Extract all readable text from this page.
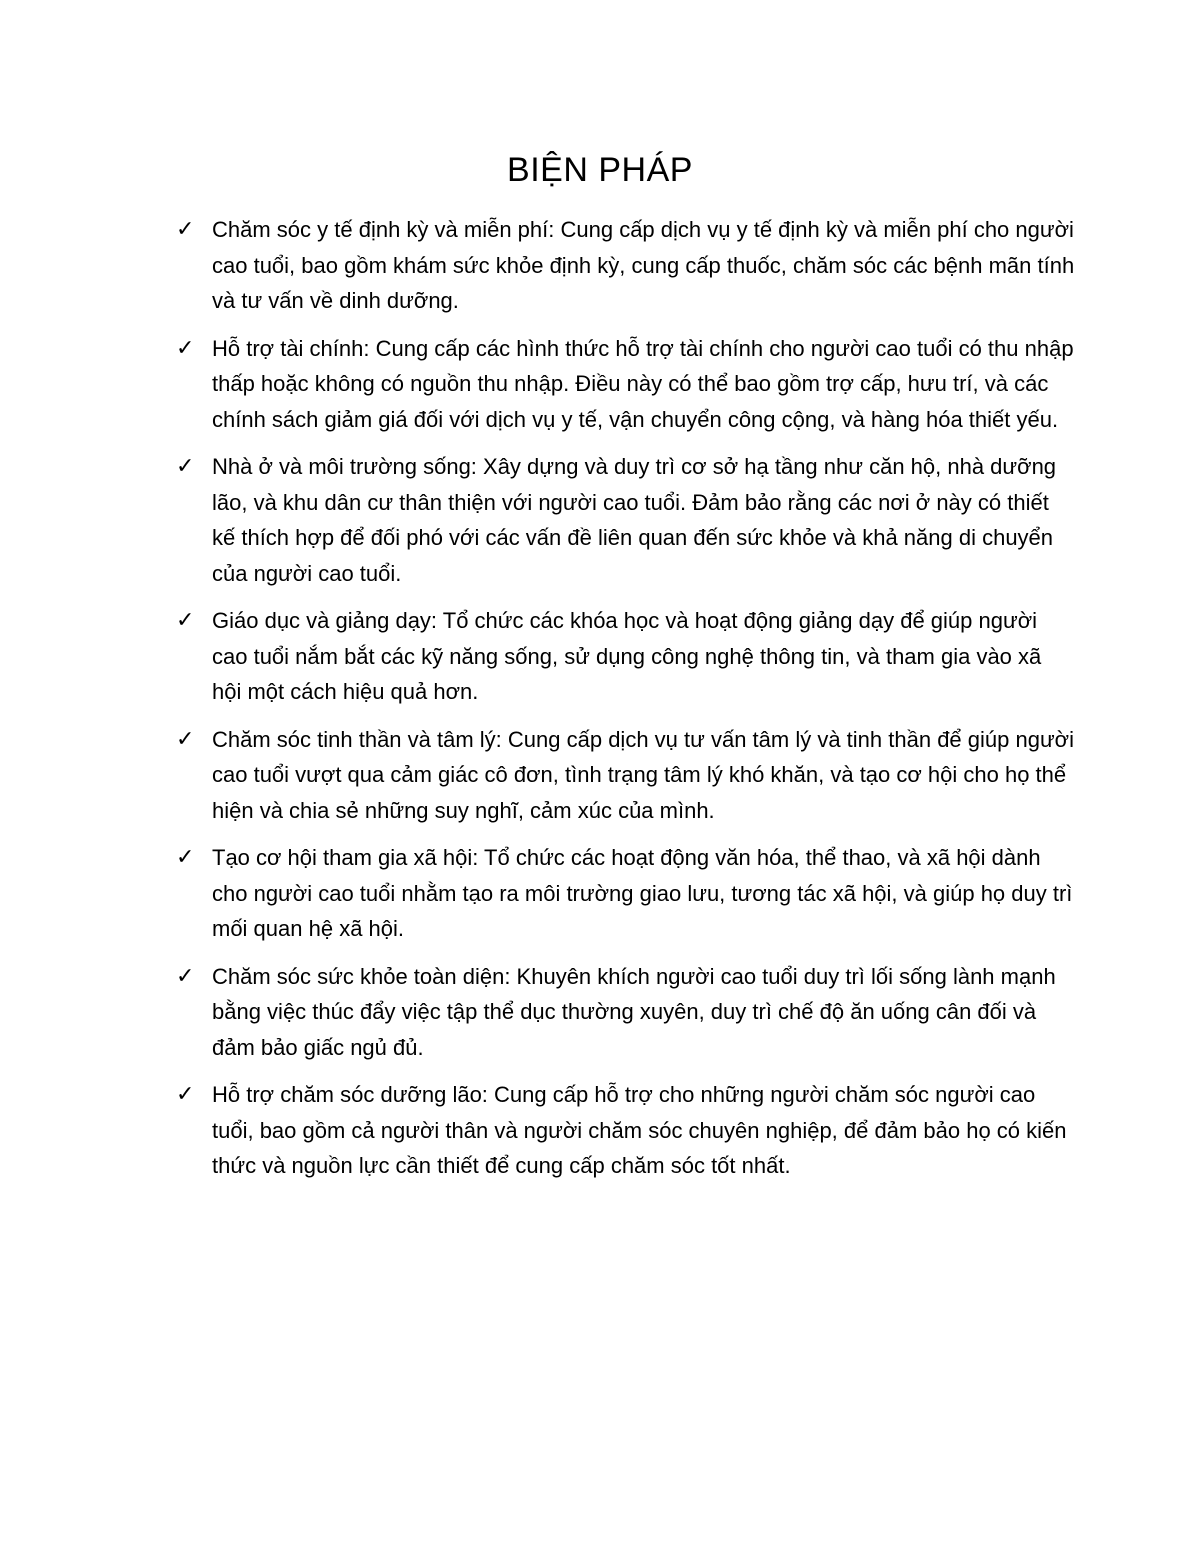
BIỆN PHÁP
✓ Chăm sóc y tế định kỳ và miễn phí: Cung cấp dịch vụ y tế định kỳ và miễn phí cho người cao tuổi, bao gồm khám sức khỏe định kỳ, cung cấp thuốc, chăm sóc các bệnh mãn tính và tư vấn về dinh dưỡng.
✓ Hỗ trợ tài chính: Cung cấp các hình thức hỗ trợ tài chính cho người cao tuổi có thu nhập thấp hoặc không có nguồn thu nhập. Điều này có thể bao gồm trợ cấp, hưu trí, và các chính sách giảm giá đối với dịch vụ y tế, vận chuyển công cộng, và hàng hóa thiết yếu.
✓ Nhà ở và môi trường sống: Xây dựng và duy trì cơ sở hạ tầng như căn hộ, nhà dưỡng lão, và khu dân cư thân thiện với người cao tuổi. Đảm bảo rằng các nơi ở này có thiết kế thích hợp để đối phó với các vấn đề liên quan đến sức khỏe và khả năng di chuyển của người cao tuổi.
✓ Giáo dục và giảng dạy: Tổ chức các khóa học và hoạt động giảng dạy để giúp người cao tuổi nắm bắt các kỹ năng sống, sử dụng công nghệ thông tin, và tham gia vào xã hội một cách hiệu quả hơn.
✓ Chăm sóc tinh thần và tâm lý: Cung cấp dịch vụ tư vấn tâm lý và tinh thần để giúp người cao tuổi vượt qua cảm giác cô đơn, tình trạng tâm lý khó khăn, và tạo cơ hội cho họ thể hiện và chia sẻ những suy nghĩ, cảm xúc của mình.
✓ Tạo cơ hội tham gia xã hội: Tổ chức các hoạt động văn hóa, thể thao, và xã hội dành cho người cao tuổi nhằm tạo ra môi trường giao lưu, tương tác xã hội, và giúp họ duy trì mối quan hệ xã hội.
✓ Chăm sóc sức khỏe toàn diện: Khuyên khích người cao tuổi duy trì lối sống lành mạnh bằng việc thúc đẩy việc tập thể dục thường xuyên, duy trì chế độ ăn uống cân đối và đảm bảo giấc ngủ đủ.
✓ Hỗ trợ chăm sóc dưỡng lão: Cung cấp hỗ trợ cho những người chăm sóc người cao tuổi, bao gồm cả người thân và người chăm sóc chuyên nghiệp, để đảm bảo họ có kiến thức và nguồn lực cần thiết để cung cấp chăm sóc tốt nhất.
